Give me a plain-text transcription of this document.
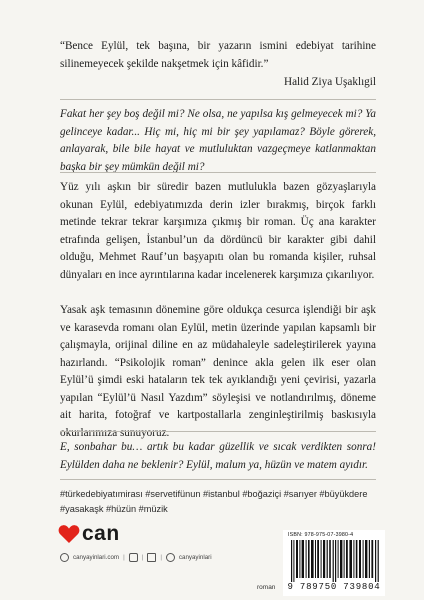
“Bence Eylül, tek başına, bir yazarın ismini edebiyat tarihine silinemeyecek şekilde nakşetmek için kâfidir.”
Halid Ziya Uşaklıgil
Fakat her şey boş değil mi? Ne olsa, ne yapılsa kış gelmeyecek mi? Ya gelinceye kadar... Hiç mi, hiç mi bir şey yapılamaz? Böyle görerek, anlayarak, bile bile hayat ve mutluluktan vazgeçmeye katlanmaktan başka bir şey mümkün değil mi?
Yüz yılı aşkın bir süredir bazen mutlulukla bazen gözyaşlarıyla okunan Eylül, edebiyatımızda derin izler bırakmış, birçok farklı metinde tekrar tekrar karşımıza çıkmış bir roman. Üç ana karakter etrafında gelişen, İstanbul’un da dördüncü bir karakter gibi dahil olduğu, Mehmet Rauf’un başyapıtı olan bu romanda kişiler, ruhsal dünyaları en ince ayrıntılarına kadar incelenerek karşımıza çıkarılıyor.
Yasak aşk temasının dönemine göre oldukça cesurca işlendiği bir aşk ve karasevda romanı olan Eylül, metin üzerinde yapılan kapsamlı bir çalışmayla, orijinal diline en az müdahaleyle sadeleştirilerek yayına hazırlandı. “Psikolojik roman” denince akla gelen ilk eser olan Eylül’ü şimdi eski hataların tek tek ayıklandığı yeni çevirisi, yazarla yapılan “Eylül’ü Nasıl Yazdım” söyleşisi ve notlandırılmış, döneme ait harita, fotoğraf ve kartpostallarla zenginleştirilmiş baskısıyla okurlarımıza sunuyoruz.
E, sonbahar bu… artık bu kadar güzellik ve sıcak verdikten sonra! Eylülden daha ne beklenir? Eylül, malum ya, hüzün ve matem ayıdır.
#türkedebiyatımirası #servetifünun #istanbul #boğaziçi #sarıyer #büyükdere #yasakaşk #hüzün #müzik
can
canyayinlari.com |	|	|	canyayinlari
roman
ISBN: 978-975-07-3980-4
9 789750 739804
